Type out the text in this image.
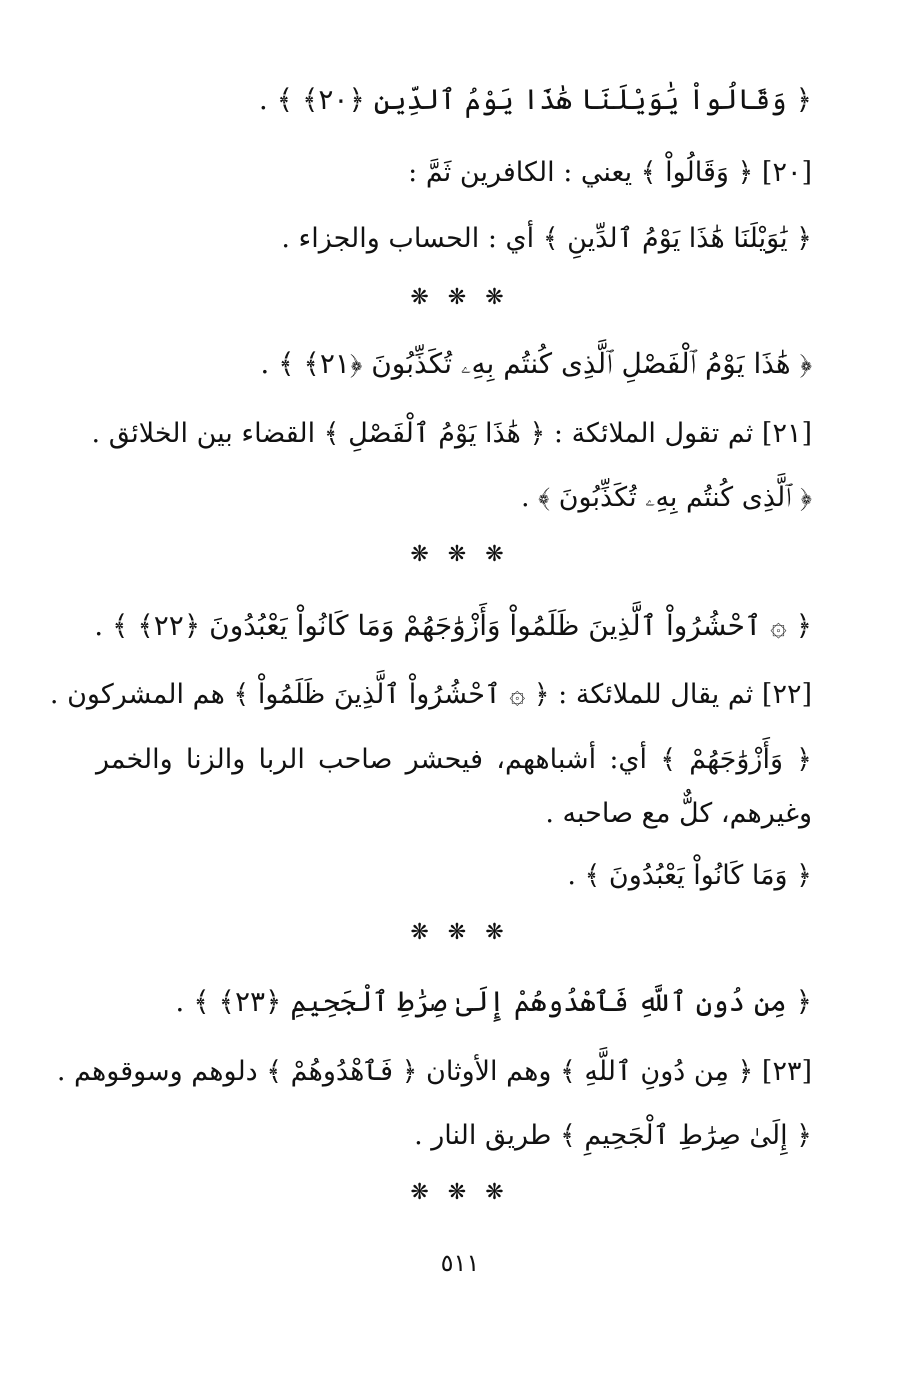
﴿ وَقَالُواْ يَٰوَيْلَنَا هَٰذَا يَوْمُ ٱلدِّينِ ﴿٢٠﴾ ﴾ .
[٢٠] ﴿ وَقَالُواْ ﴾ يعني : الكافرين ثَمَّ :
﴿ يَٰوَيْلَنَا هَٰذَا يَوْمُ ٱلدِّينِ ﴾ أي : الحساب والجزاء .
❋ ❋ ❋
﴿ هَٰذَا يَوْمُ ٱلْفَصْلِ ٱلَّذِى كُنتُم بِهِۦ تُكَذِّبُونَ ﴿٢١﴾ ﴾ .
[٢١] ثم تقول الملائكة : ﴿ هَٰذَا يَوْمُ ٱلْفَصْلِ ﴾ القضاء بين الخلائق .
﴿ ٱلَّذِى كُنتُم بِهِۦ تُكَذِّبُونَ ﴾ .
❋ ❋ ❋
﴿ ۞ ٱحْشُرُواْ ٱلَّذِينَ ظَلَمُواْ وَأَزْوَٰجَهُمْ وَمَا كَانُواْ يَعْبُدُونَ ﴿٢٢﴾ ﴾ .
[٢٢] ثم يقال للملائكة : ﴿ ۞ ٱحْشُرُواْ ٱلَّذِينَ ظَلَمُواْ ﴾ هم المشركون .
﴿ وَأَزْوَٰجَهُمْ ﴾ أي: أشباههم، فيحشر صاحب الربا والزنا والخمر
وغيرهم، كلٌّ مع صاحبه .
﴿ وَمَا كَانُواْ يَعْبُدُونَ ﴾ .
❋ ❋ ❋
﴿ مِن دُونِ ٱللَّهِ فَٱهْدُوهُمْ إِلَىٰ صِرَٰطِ ٱلْجَحِيمِ ﴿٢٣﴾ ﴾ .
[٢٣] ﴿ مِن دُونِ ٱللَّهِ ﴾ وهم الأوثان ﴿ فَٱهْدُوهُمْ ﴾ دلوهم وسوقوهم .
﴿ إِلَىٰ صِرَٰطِ ٱلْجَحِيمِ ﴾ طريق النار .
❋ ❋ ❋
٥١١
